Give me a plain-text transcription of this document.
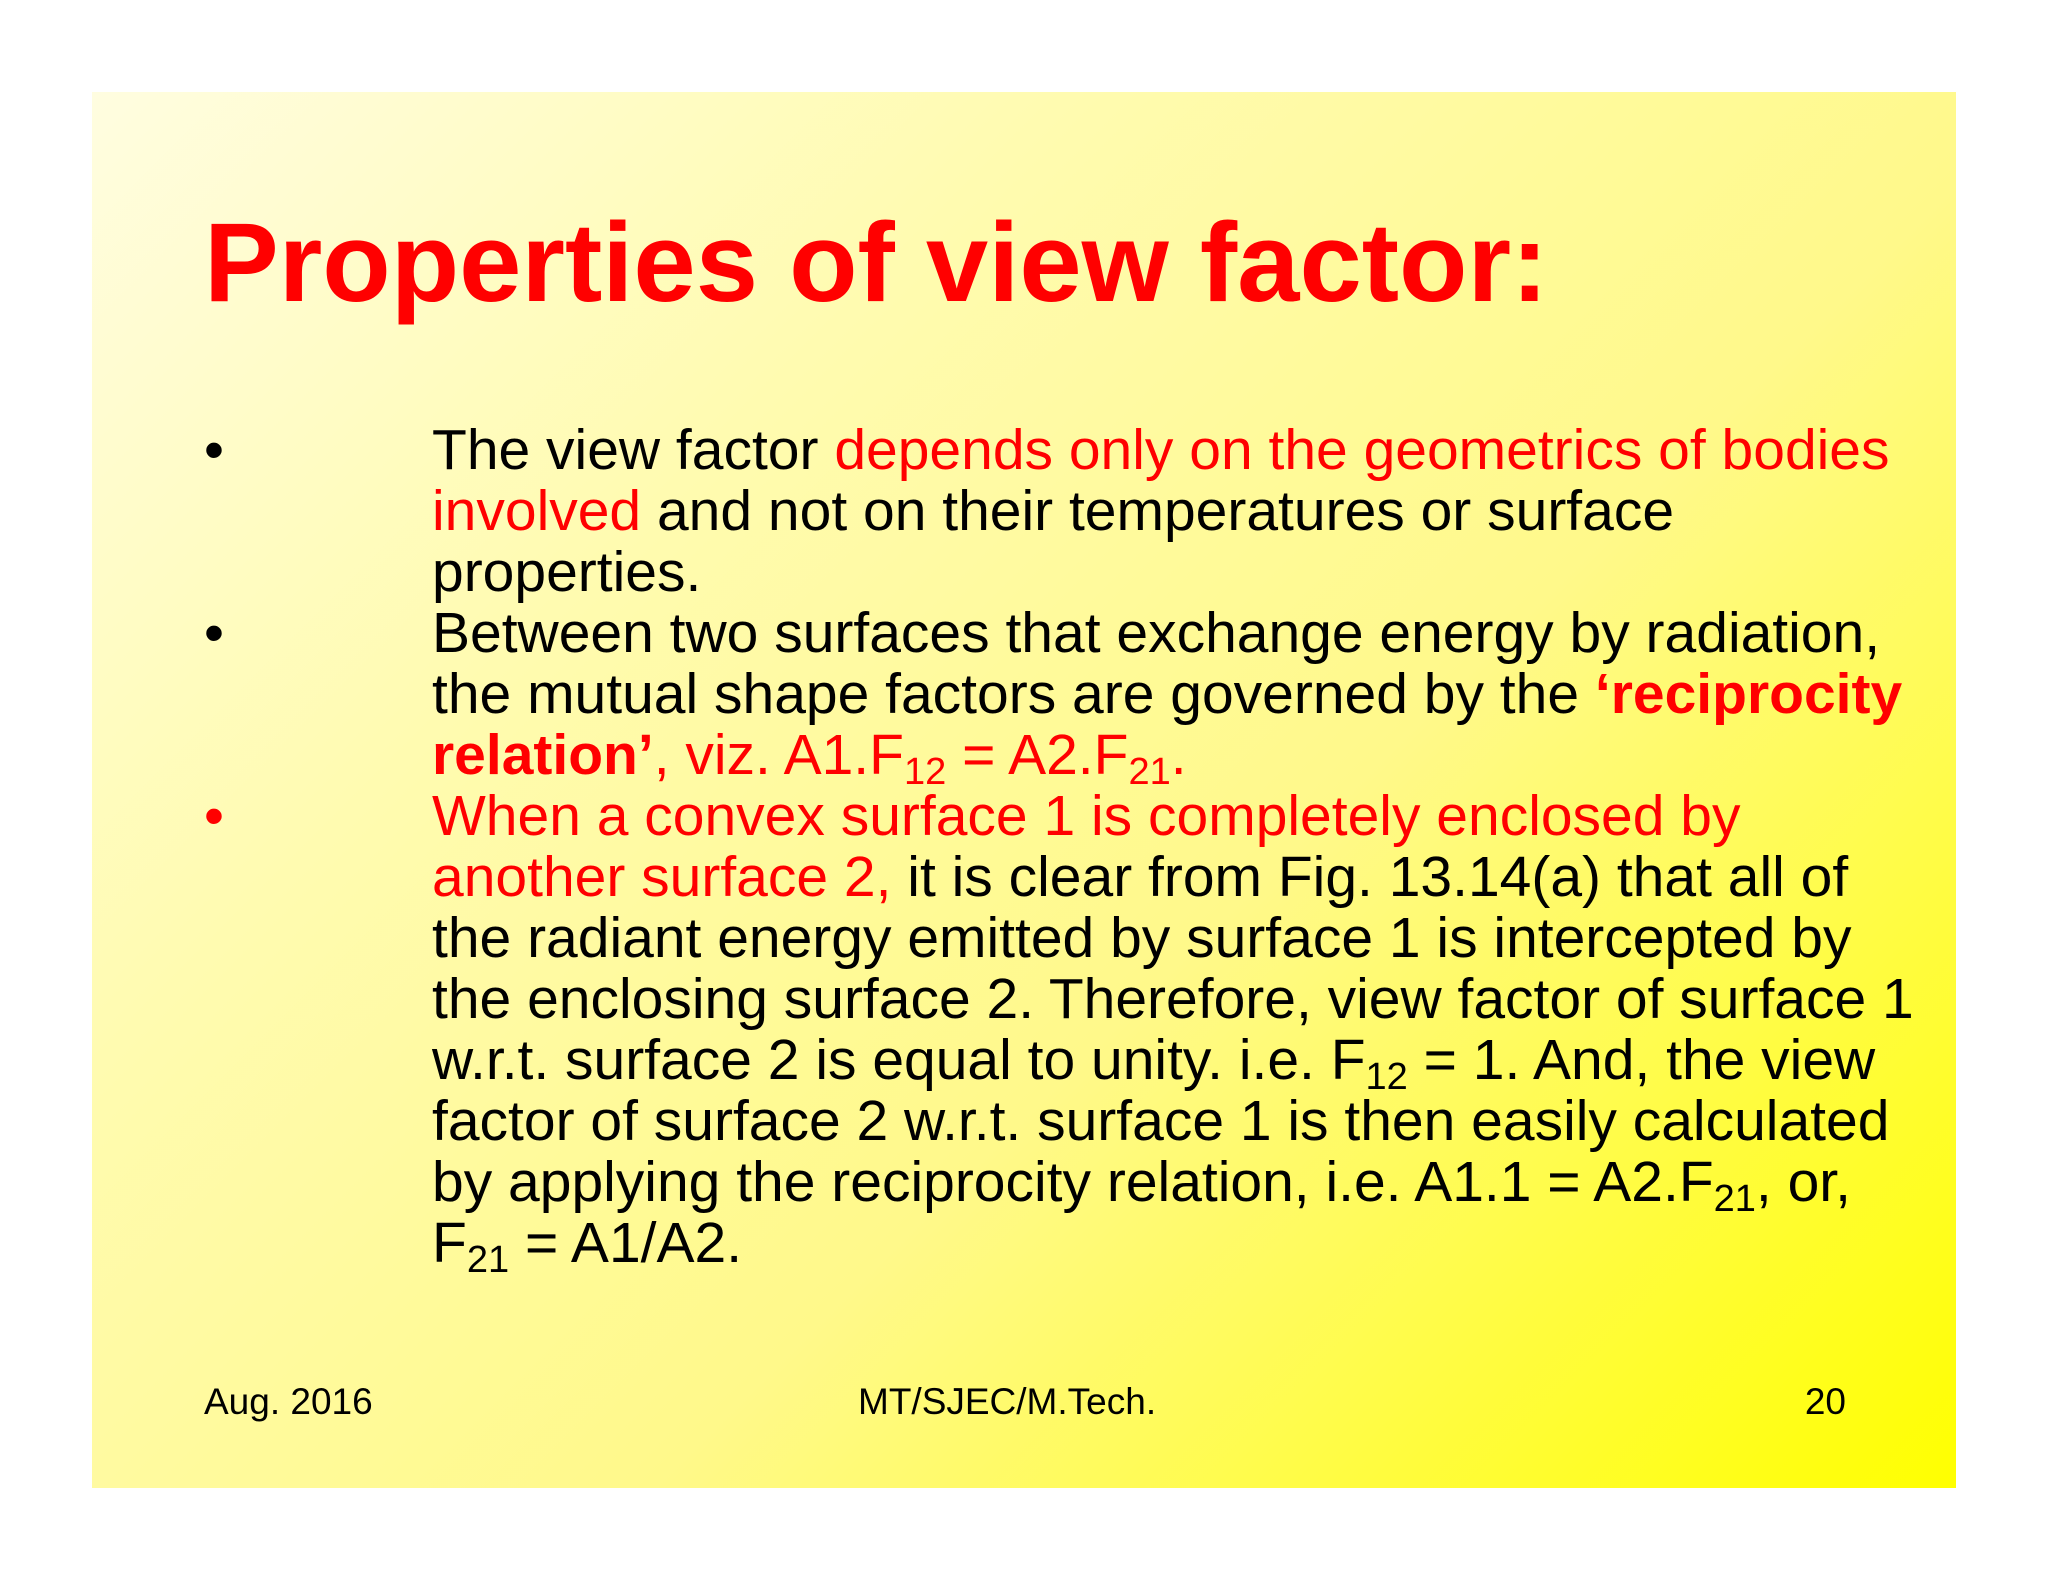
Properties of view factor:
•	The view factor depends only on the geometrics of bodies involved and not on their temperatures or surface properties.
•	Between two surfaces that exchange energy by radiation, the mutual shape factors are governed by the ‘reciprocity relation’, viz. $A1.F_{12} = A2.F_{21}$.
•	When a convex surface 1 is completely enclosed by another surface 2, it is clear from Fig. 13.14(a) that all of the radiant energy emitted by surface 1 is intercepted by the enclosing surface 2. Therefore, view factor of surface 1 w.r.t. surface 2 is equal to unity. i.e. $F_{12} = 1$. And, the view factor of surface 2 w.r.t. surface 1 is then easily calculated by applying the reciprocity relation, i.e. $A1.1 = A2.F_{21}$, or, $F_{21} = A1/A2$.
Aug. 2016	MT/SJEC/M.Tech.	20
